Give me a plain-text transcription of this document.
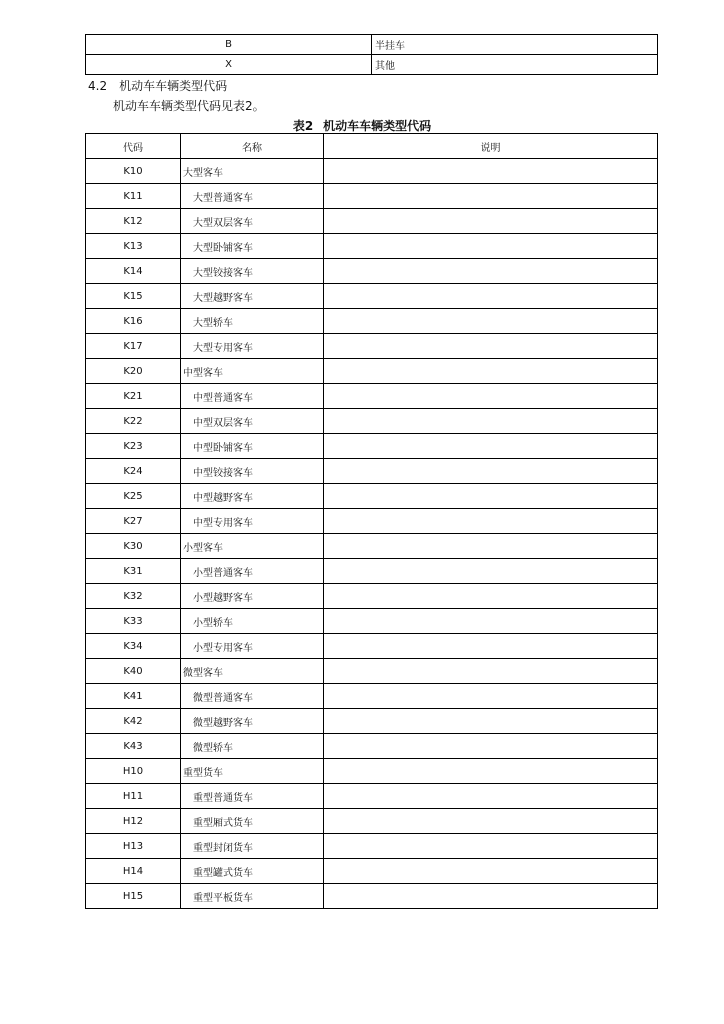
B	半挂车
X	其他
4.2 机动车车辆类型代码
机动车车辆类型代码见表2。
表2 机动车车辆类型代码
代码	名称	说明
K10	大型客车	
K11	大型普通客车	
K12	大型双层客车	
K13	大型卧铺客车	
K14	大型铰接客车	
K15	大型越野客车	
K16	大型轿车	
K17	大型专用客车	
K20	中型客车	
K21	中型普通客车	
K22	中型双层客车	
K23	中型卧铺客车	
K24	中型铰接客车	
K25	中型越野客车	
K27	中型专用客车	
K30	小型客车	
K31	小型普通客车	
K32	小型越野客车	
K33	小型轿车	
K34	小型专用客车	
K40	微型客车	
K41	微型普通客车	
K42	微型越野客车	
K43	微型轿车	
H10	重型货车	
H11	重型普通货车	
H12	重型厢式货车	
H13	重型封闭货车	
H14	重型罐式货车	
H15	重型平板货车	
